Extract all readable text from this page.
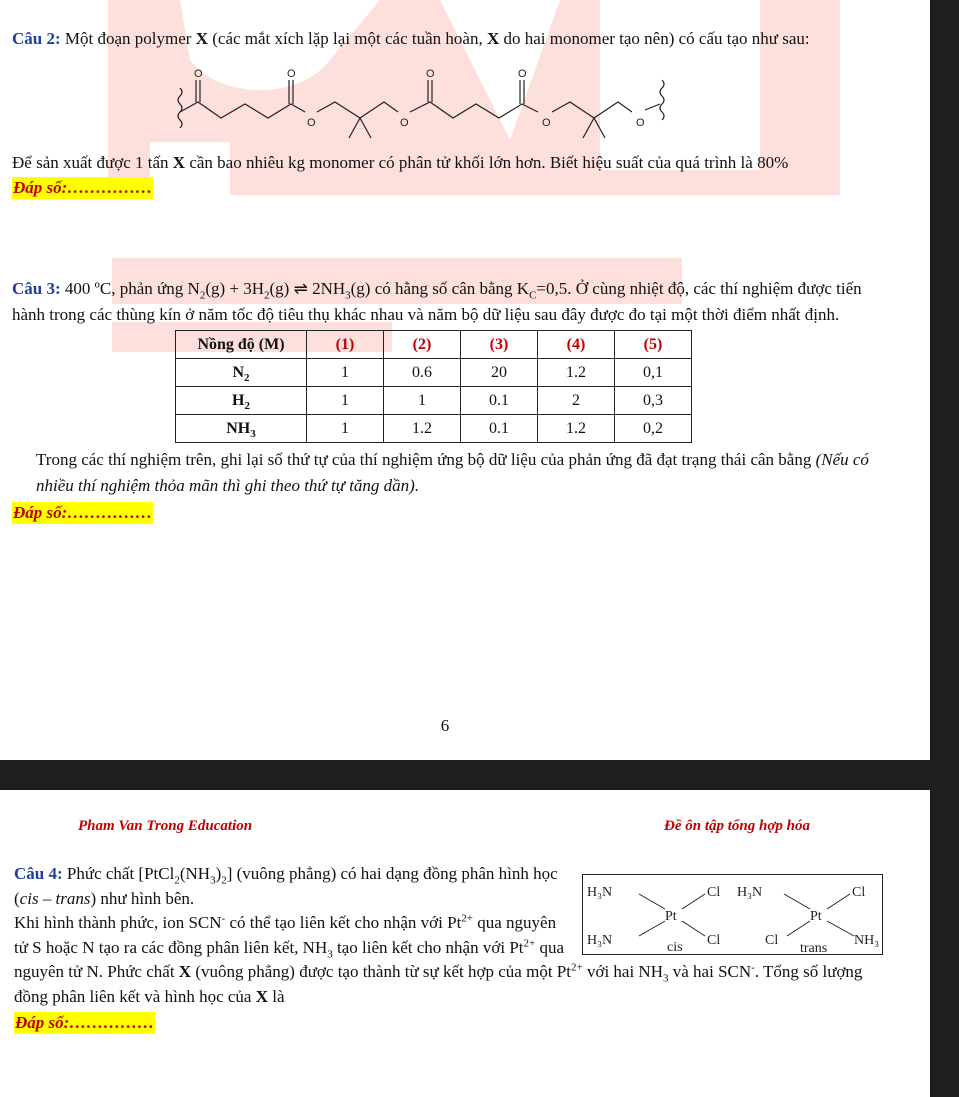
Câu 2: Một đoạn polymer X (các mắt xích lặp lại một các tuần hoàn, X do hai monomer tạo nên) có cấu tạo như sau:

O	O	O	O
O	O	O	O

Để sản xuất được 1 tấn X cần bao nhiêu kg monomer có phân tử khối lớn hơn. Biết hiệu suất của quá trình là 80%

Đáp số:……………

Câu 3: 400 ºC, phản ứng $N_2(g) + 3H_2(g)$ ⇌ $2NH_3(g)$ có hằng số cân bằng $K_C=0,5$. Ở cùng nhiệt độ, các thí nghiệm được tiến hành trong các thùng kín ở năm tốc độ tiêu thụ khác nhau và năm bộ dữ liệu sau đây được đo tại một thời điểm nhất định.

Nồng độ (M)	(1)	(2)	(3)	(4)	(5)
$N_2$	1	0.6	20	1.2	0,1
$H_2$	1	1	0.1	2	0,3
$NH_3$	1	1.2	0.1	1.2	0,2

Trong các thí nghiệm trên, ghi lại số thứ tự của thí nghiệm ứng bộ dữ liệu của phản ứng đã đạt trạng thái cân bằng (Nếu có nhiều thí nghiệm thỏa mãn thì ghi theo thứ tự tăng dần).

Đáp số:……………
6
Pham Van Trong Education	Đề ôn tập tổng hợp hóa
H₃N
H₃N
Pt
Cl
Cl
cis
H₃N
Pt
Cl
Cl	NH₃
trans

Câu 4: Phức chất $[PtCl_2(NH_3)_2]$ (vuông phẳng) có hai dạng đồng phân hình học (cis – trans) như hình bên.
Khi hình thành phức, ion SCN- có thể tạo liên kết cho nhận với $Pt^{2+}$ qua nguyên tử S hoặc N tạo ra các đồng phân liên kết, $NH_3$ tạo liên kết cho nhận với $Pt^{2+}$ qua nguyên tử N. Phức chất X (vuông phẳng) được tạo thành từ sự kết hợp của một $Pt^{2+}$ với hai $NH_3$ và hai SCN-. Tổng số lượng đồng phân liên kết và hình học của X là

Đáp số:……………
